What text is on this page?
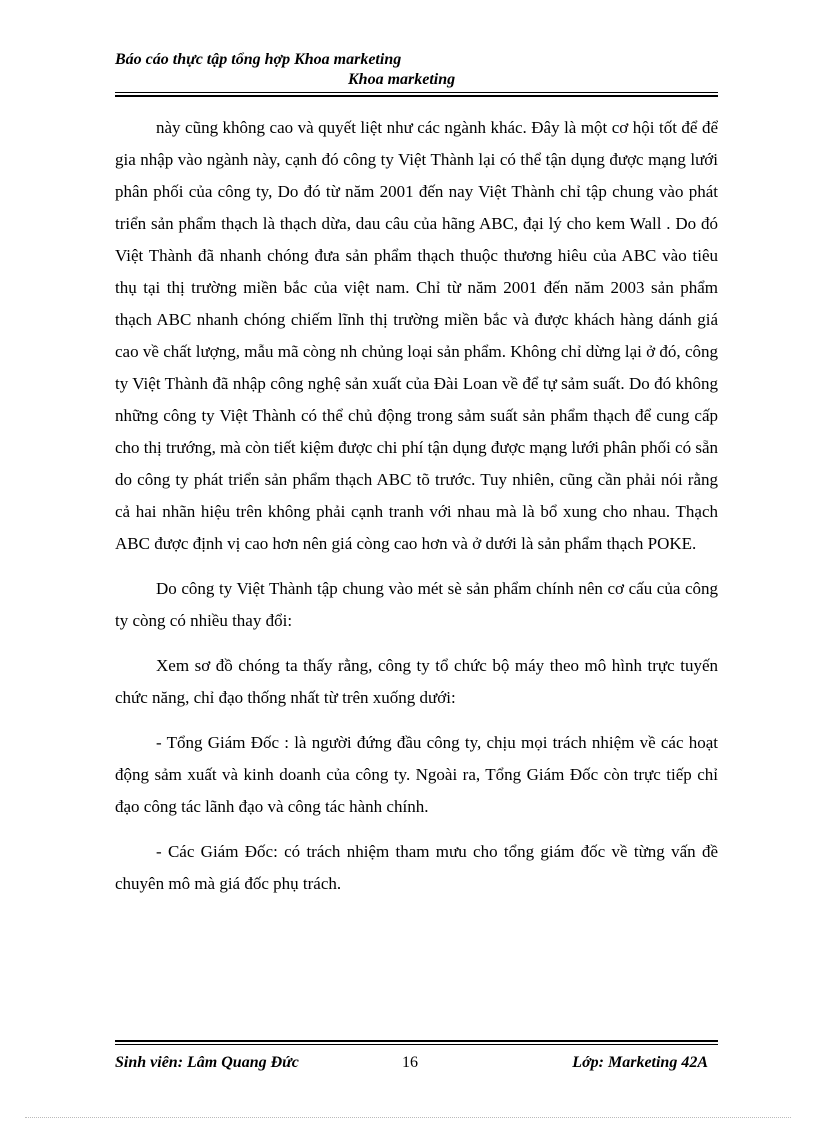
Báo cáo thực tập tổng hợp Khoa marketing
Khoa marketing

này cũng không cao và quyết liệt như các ngành khác. Đây là một cơ hội tốt để để gia nhập vào ngành này, cạnh đó công ty Việt Thành lại có thể tận dụng được mạng lưới phân phối của công ty, Do đó từ năm 2001 đến nay Việt Thành chỉ tập chung vào phát triển sản phẩm thạch là thạch dừa, dau câu của hãng ABC, đại lý cho kem Wall . Do đó Việt Thành đã nhanh chóng đưa sản phẩm thạch thuộc thương hiêu của ABC vào tiêu thụ tại thị trường miền bắc của việt nam. Chỉ từ năm 2001 đến năm 2003 sản phẩm thạch ABC nhanh chóng chiếm lĩnh thị trường miền bắc và được khách hàng dánh giá cao về chất lượng, mẫu mã còng nh chủng loại sản phẩm. Không chỉ dừng lại ở đó, công ty Việt Thành đã nhập công nghệ sản xuất của Đài Loan về để tự sảm suất. Do đó không những công ty Việt Thành có thể chủ động trong sảm suất sản phẩm thạch để cung cấp cho thị trướng, mà còn tiết kiệm được chi phí tận dụng được mạng lưới phân phối có sẵn do công ty phát triển sản phẩm thạch ABC tõ trước. Tuy nhiên, cũng cần phải nói rằng cả hai nhãn hiệu trên không phải cạnh tranh với nhau mà là bổ xung cho nhau. Thạch ABC được định vị cao hơn nên giá còng cao hơn và ở dưới là sản phẩm thạch POKE.

Do công ty Việt Thành tập chung vào mét sè sản phẩm chính nên cơ cấu của công ty còng có nhiều thay đổi:

Xem sơ đồ chóng ta thấy rằng, công ty tổ chức bộ máy theo mô hình trực tuyến chức năng, chỉ đạo thống nhất từ trên xuống dưới:

- Tổng Giám Đốc : là người đứng đầu công ty, chịu mọi trách nhiệm về các hoạt động sảm xuất và kinh doanh của công ty. Ngoài ra, Tổng Giám Đốc còn trực tiếp chỉ đạo công tác lãnh đạo và công tác hành chính.

- Các Giám Đốc: có trách nhiệm tham mưu cho tổng giám đốc về từng vấn đề chuyên mô mà giá đốc phụ trách.

Sinh viên: Lâm Quang Đức	16	Lớp: Marketing 42A
